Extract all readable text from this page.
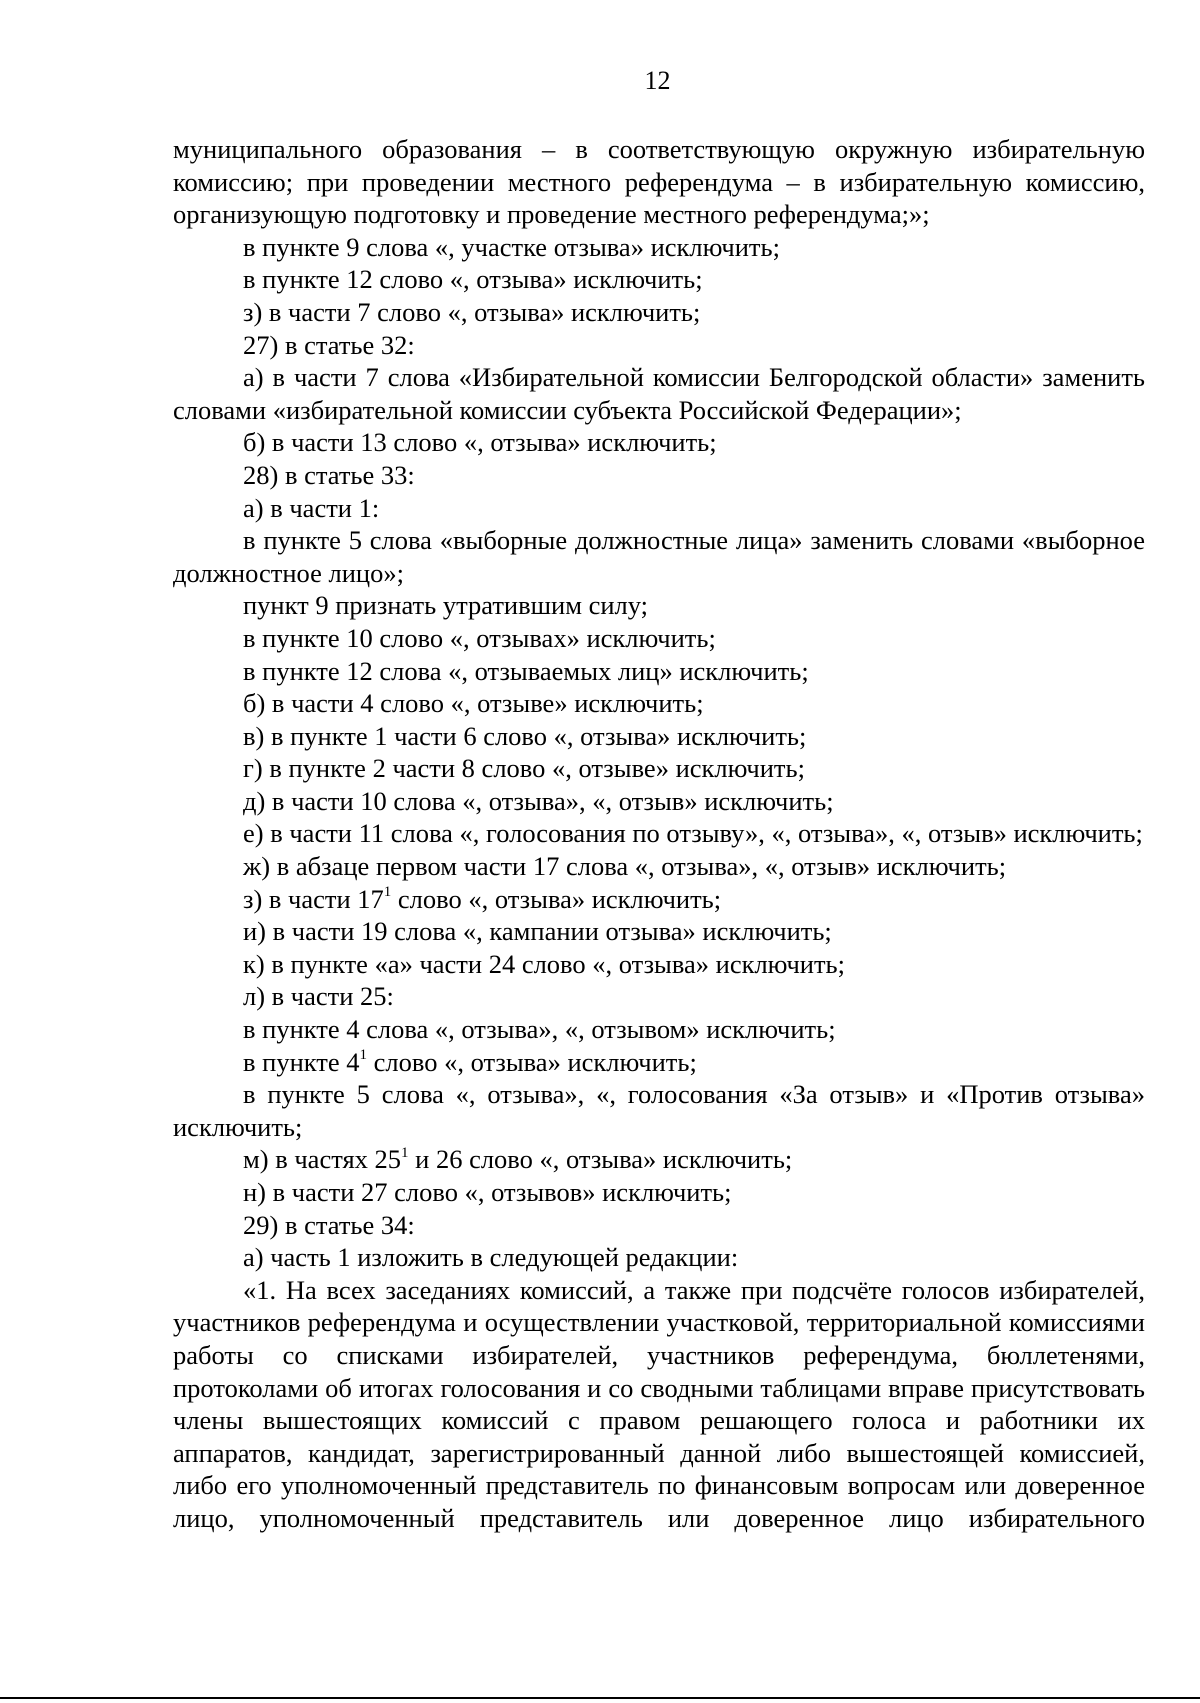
12

муниципального образования – в соответствующую окружную избирательную комиссию; при проведении местного референдума – в избирательную комиссию, организующую подготовку и проведение местного референдума;»;

в пункте 9 слова «, участке отзыва» исключить;

в пункте 12 слово «, отзыва» исключить;

з) в части 7 слово «, отзыва» исключить;

27) в статье 32:

а) в части 7 слова «Избирательной комиссии Белгородской области» заменить словами «избирательной комиссии субъекта Российской Федерации»;

б) в части 13 слово «, отзыва» исключить;

28) в статье 33:

а) в части 1:

в пункте 5 слова «выборные должностные лица» заменить словами «выборное должностное лицо»;

пункт 9 признать утратившим силу;

в пункте 10 слово «, отзывах» исключить;

в пункте 12 слова «, отзываемых лиц» исключить;

б) в части 4 слово «, отзыве» исключить;

в) в пункте 1 части 6 слово «, отзыва» исключить;

г) в пункте 2 части 8 слово «, отзыве» исключить;

д) в части 10 слова «, отзыва», «, отзыв» исключить;

е) в части 11 слова «, голосования по отзыву», «, отзыва», «, отзыв» исключить;

ж) в абзаце первом части 17 слова «, отзыва», «, отзыв» исключить;

з) в части $17^1$ слово «, отзыва» исключить;

и) в части 19 слова «, кампании отзыва» исключить;

к) в пункте «а» части 24 слово «, отзыва» исключить;

л) в части 25:

в пункте 4 слова «, отзыва», «, отзывом» исключить;

в пункте $4^1$ слово «, отзыва» исключить;

в пункте 5 слова «, отзыва», «, голосования «За отзыв» и «Против отзыва» исключить;

м) в частях $25^1$ и 26 слово «, отзыва» исключить;

н) в части 27 слово «, отзывов» исключить;

29) в статье 34:

а) часть 1 изложить в следующей редакции:

«1. На всех заседаниях комиссий, а также при подсчёте голосов избирателей, участников референдума и осуществлении участковой, территориальной комиссиями работы со списками избирателей, участников референдума, бюллетенями, протоколами об итогах голосования и со сводными таблицами вправе присутствовать члены вышестоящих комиссий с правом решающего голоса и работники их аппаратов, кандидат, зарегистрированный данной либо вышестоящей комиссией, либо его уполномоченный представитель по финансовым вопросам или доверенное лицо, уполномоченный представитель или доверенное лицо избирательного
